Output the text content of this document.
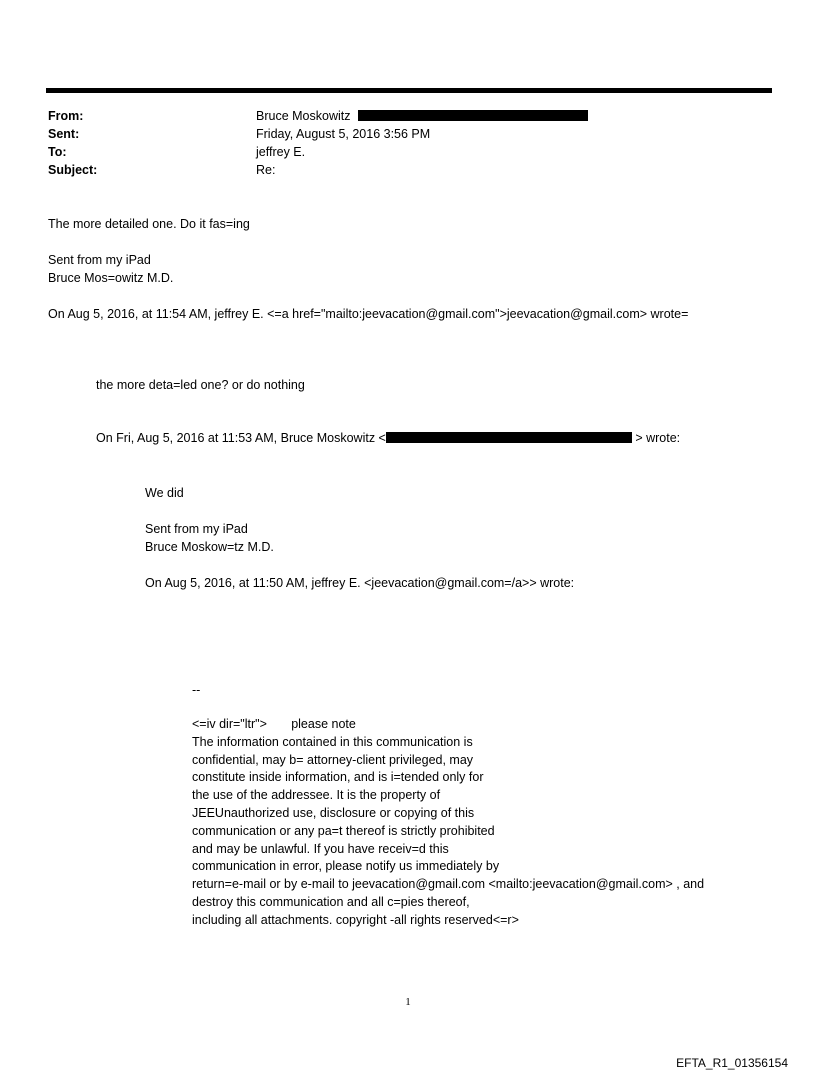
From:	Bruce Moskowitz
Sent:	Friday, August 5, 2016 3:56 PM
To:	jeffrey E.
Subject:	Re:
The more detailed one. Do it fas=ing
Sent from my iPad
Bruce Mos=owitz M.D.
On Aug 5, 2016, at 11:54 AM, jeffrey E. <=a href="mailto:jeevacation@gmail.com">jeevacation@gmail.com> wrote=
the more deta=led one? or do nothing
On Fri, Aug 5, 2016 at 11:53 AM, Bruce Moskowitz <	> wrote:
We did
Sent from my iPad
Bruce Moskow=tz M.D.
On Aug 5, 2016, at 11:50 AM, jeffrey E. <jeevacation@gmail.com=/a>> wrote:
--
<=iv dir="ltr">       please note
The information contained in this communication is
confidential, may b= attorney-client privileged, may
constitute inside information, and is i=tended only for
the use of the addressee. It is the property of
JEEUnauthorized use, disclosure or copying of this
communication or any pa=t thereof is strictly prohibited
and may be unlawful. If you have receiv=d this
communication in error, please notify us immediately by
return=e-mail or by e-mail to jeevacation@gmail.com <mailto:jeevacation@gmail.com> , and
destroy this communication and all c=pies thereof,
including all attachments. copyright -all rights reserved<=r>
1
EFTA_R1_01356154
